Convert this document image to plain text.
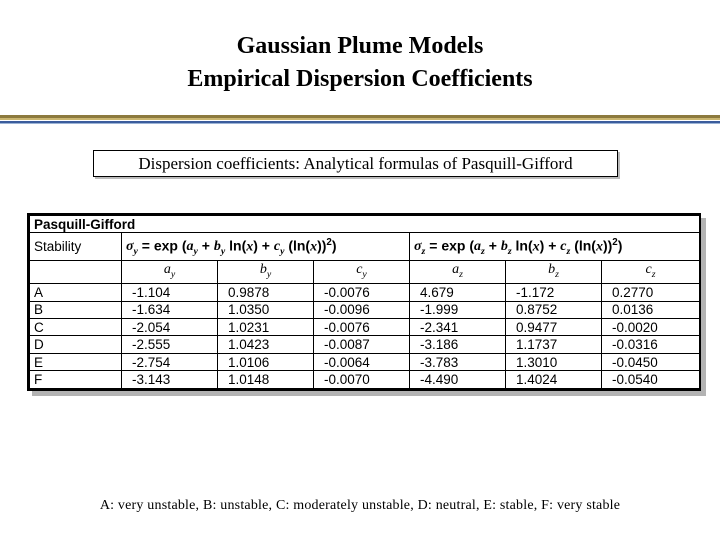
Gaussian Plume Models
Empirical Dispersion Coefficients
Dispersion coefficients: Analytical formulas of Pasquill-Gifford
Pasquill-Gifford						
Stability	$\sigma_y = \exp (a_y + b_y$ $\ln(x) + c_y$ $(\ln(x))^2$)			$\sigma_z = \exp (a_z + b_z$ $\ln(x) + c_z$ $(\ln(x))^2$)		
	$a_y$	$b_y$	$c_y$	$a_z$	$b_z$	$c_z$
A	-1.104	0.9878	-0.0076	4.679	-1.172	0.2770
B	-1.634	1.0350	-0.0096	-1.999	0.8752	0.0136
C	-2.054	1.0231	-0.0076	-2.341	0.9477	-0.0020
D	-2.555	1.0423	-0.0087	-3.186	1.1737	-0.0316
E	-2.754	1.0106	-0.0064	-3.783	1.3010	-0.0450
F	-3.143	1.0148	-0.0070	-4.490	1.4024	-0.0540
A: very unstable, B: unstable, C: moderately unstable, D: neutral, E: stable, F: very stable
